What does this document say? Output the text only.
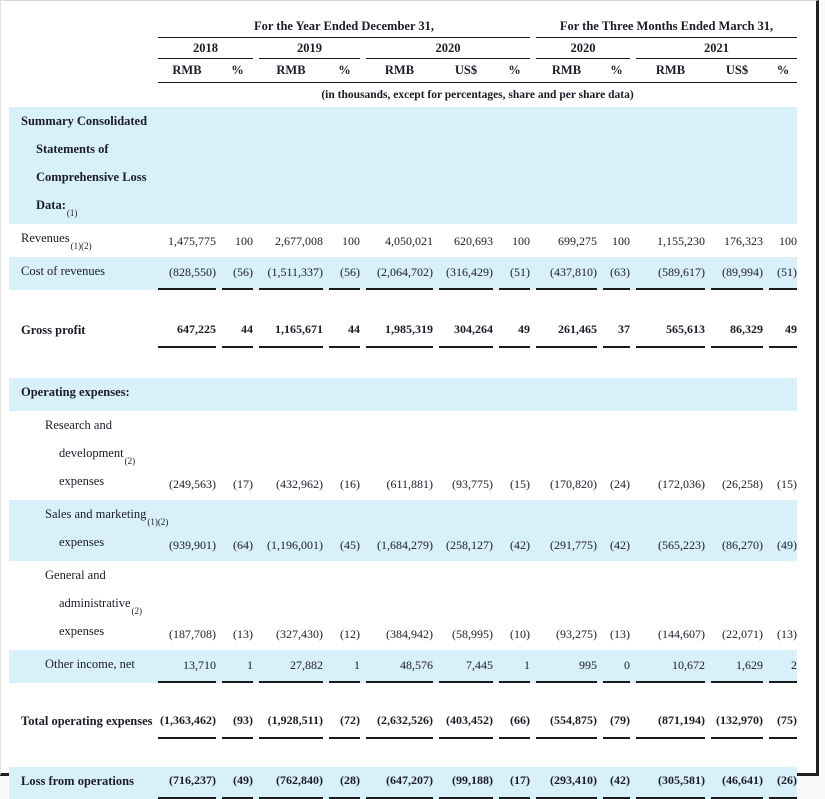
For the Year Ended December 31,	For the Three Months Ended March 31,
2018	2019	2020	2020	2021
RMB	%	RMB	%	RMB	US$	%	RMB	%	RMB	US$	%
(in thousands, except for percentages, share and per share data)
Summary Consolidated
Statements of
Comprehensive Loss
$Data:_{(1)}$
Revenues$_{(1)(2)}$	1,475,775	100	2,677,008	100	4,050,021	620,693	100	699,275	100	1,155,230	176,323	100
Cost of revenues	(828,550)	(56)	(1,511,337)	(56)	(2,064,702)	(316,429)	(51)	(437,810)	(63)	(589,617)	(89,994)	(51)
Gross profit	647,225	44	1,165,671	44	1,985,319	304,264	49	261,465	37	565,613	86,329	49
Operating expenses:
Research and
development$_{(2)}$
expenses	(249,563)	(17)	(432,962)	(16)	(611,881)	(93,775)	(15)	(170,820)	(24)	(172,036)	(26,258)	(15)
Sales and marketing$_{(1)(2)}$
expenses	(939,901)	(64)	(1,196,001)	(45)	(1,684,279)	(258,127)	(42)	(291,775)	(42)	(565,223)	(86,270)	(49)
General and
administrative$_{(2)}$
expenses	(187,708)	(13)	(327,430)	(12)	(384,942)	(58,995)	(10)	(93,275)	(13)	(144,607)	(22,071)	(13)
Other income, net	13,710	1	27,882	1	48,576	7,445	1	995	0	10,672	1,629	2
Total operating expenses (1,363,462)	(93)	(1,928,511)	(72)	(2,632,526)	(403,452)	(66)	(554,875)	(79)	(871,194) (132,970)	(75)
Loss from operations	(716,237)	(49)	(762,840)	(28)	(647,207)	(99,188)	(17)	(293,410)	(42)	(305,581)	(46,641)	(26)
